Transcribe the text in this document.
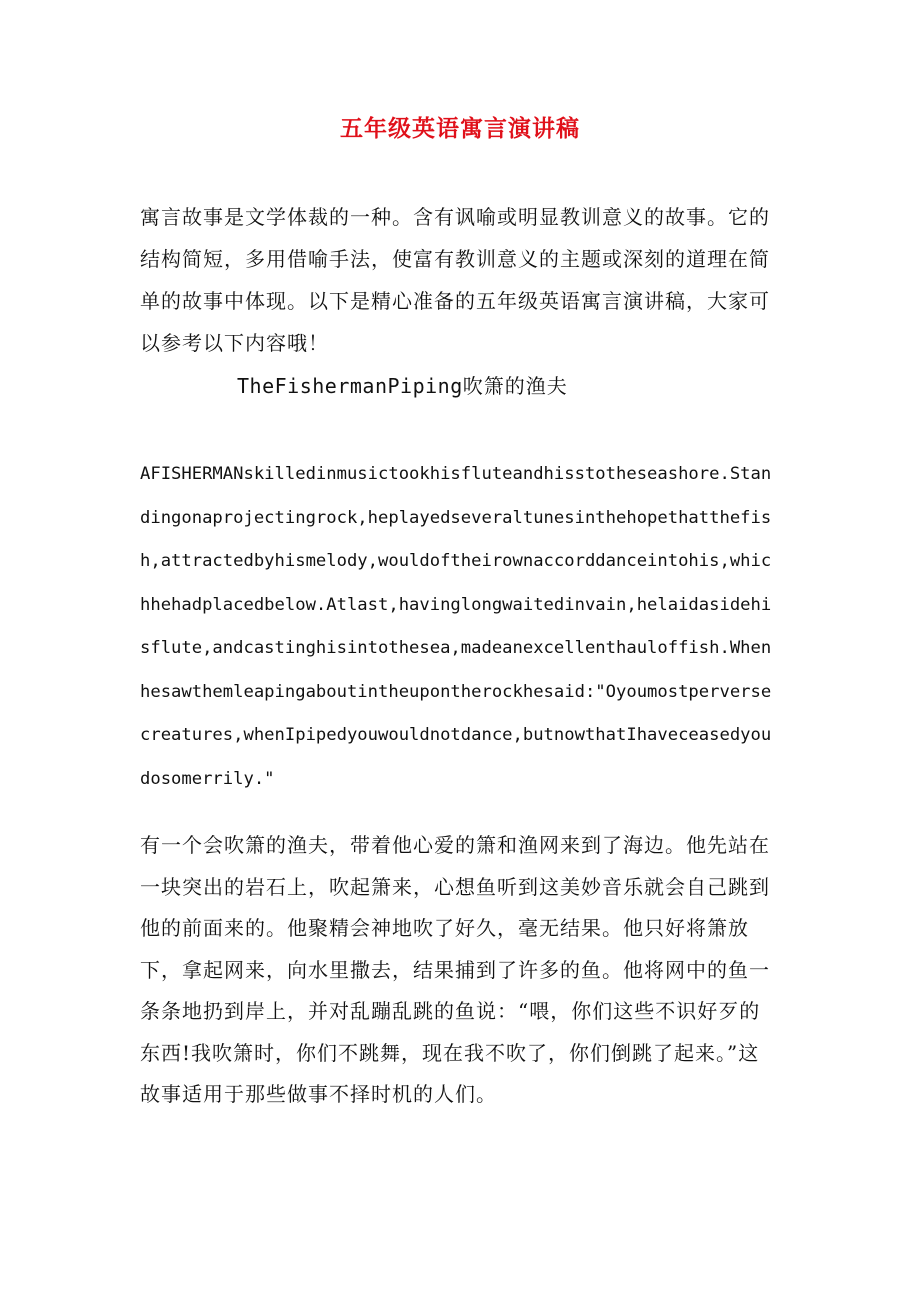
五年级英语寓言演讲稿

寓言故事是文学体裁的一种。含有讽喻或明显教训意义的故事。它的结构简短，多用借喻手法，使富有教训意义的主题或深刻的道理在简单的故事中体现。以下是精心准备的五年级英语寓言演讲稿，大家可以参考以下内容哦！

TheFishermanPiping吹箫的渔夫

AFISHERMANskilledinmusictookhisfluteandhisstotheseashore.Standingonaprojectingrock,heplayedseveraltunesinthehopethatthefish,attractedbyhismelody,wouldoftheirownaccorddanceintohis,whichhehadplacedbelow.Atlast,havinglongwaitedinvain,helaidasidehisflute,andcastinghisintothesea,madeanexcellenthauloffish.Whenhesawthemleapingaboutintheupontherockhesaid:"Oyoumostperversecreatures,whenIpipedyouwouldnotdance,butnowthatIhaveceasedyoudosomerrily."

有一个会吹箫的渔夫，带着他心爱的箫和渔网来到了海边。他先站在一块突出的岩石上，吹起箫来，心想鱼听到这美妙音乐就会自己跳到他的前面来的。他聚精会神地吹了好久，毫无结果。他只好将箫放下，拿起网来，向水里撒去，结果捕到了许多的鱼。他将网中的鱼一条条地扔到岸上，并对乱蹦乱跳的鱼说：“喂，你们这些不识好歹的东西!我吹箫时，你们不跳舞，现在我不吹了，你们倒跳了起来。”这故事适用于那些做事不择时机的人们。
